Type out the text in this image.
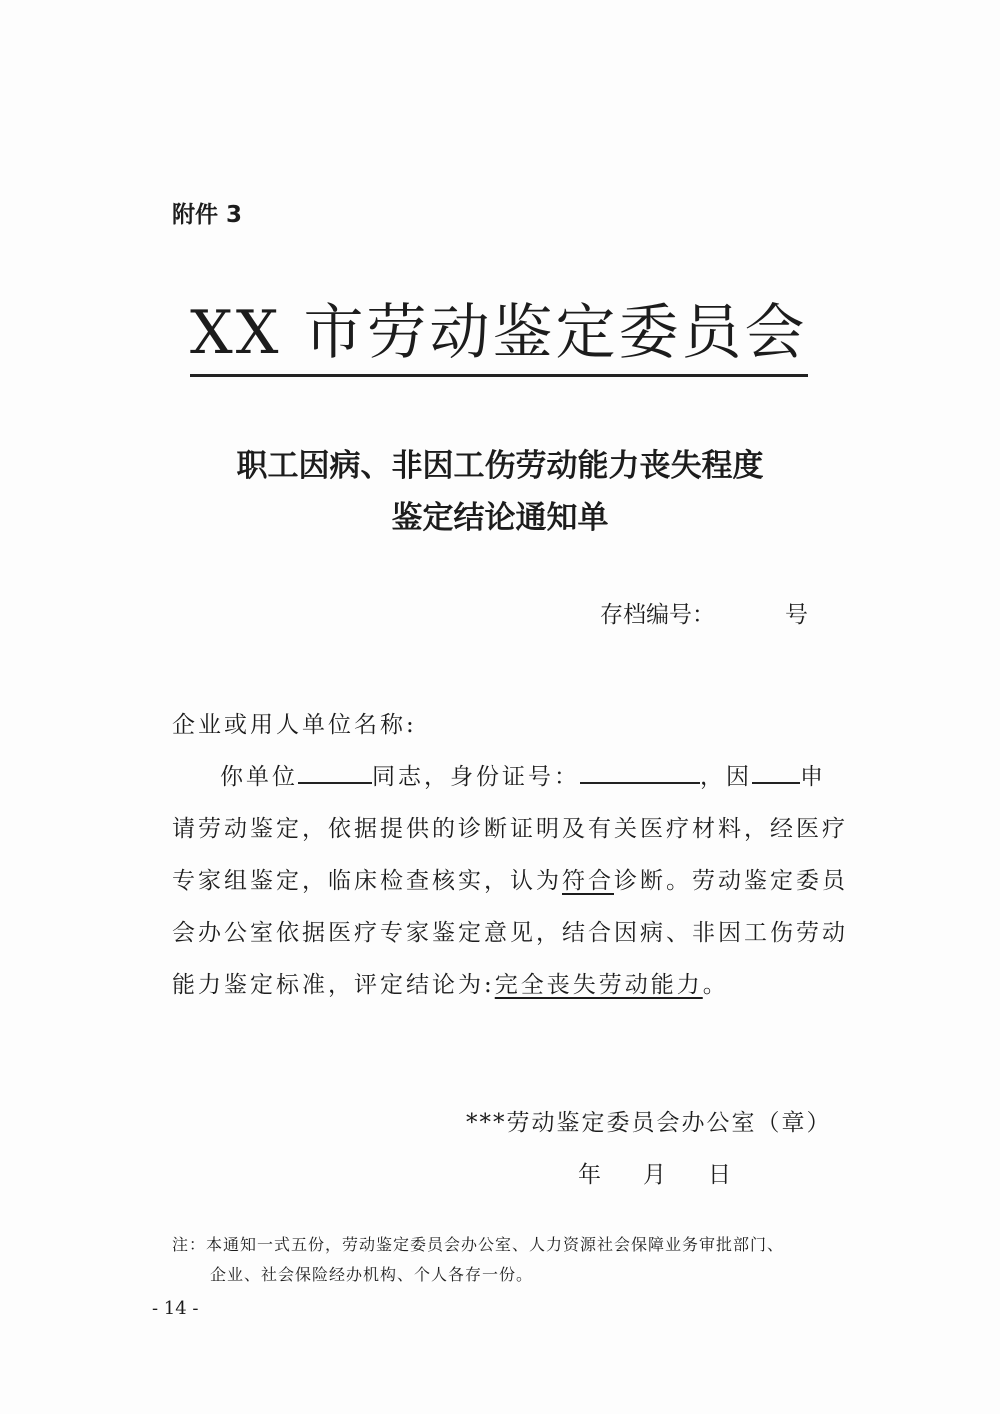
附件 3
XX 市劳动鉴定委员会
职工因病、非因工伤劳动能力丧失程度
鉴定结论通知单
存档编号：	号
企业或用人单位名称:
你单位	同志，身份证号：	，因 申
请劳动鉴定，依据提供的诊断证明及有关医疗材料，经医疗
专家组鉴定，临床检查核实，认为符合诊断。劳动鉴定委员
会办公室依据医疗专家鉴定意见，结合因病、非因工伤劳动
能力鉴定标准，评定结论为:完全丧失劳动能力。
***劳动鉴定委员会办公室（章）
年 月 日
注：本通知一式五份，劳动鉴定委员会办公室、人力资源社会保障业务审批部门、
企业、社会保险经办机构、个人各存一份。
- 14 -
